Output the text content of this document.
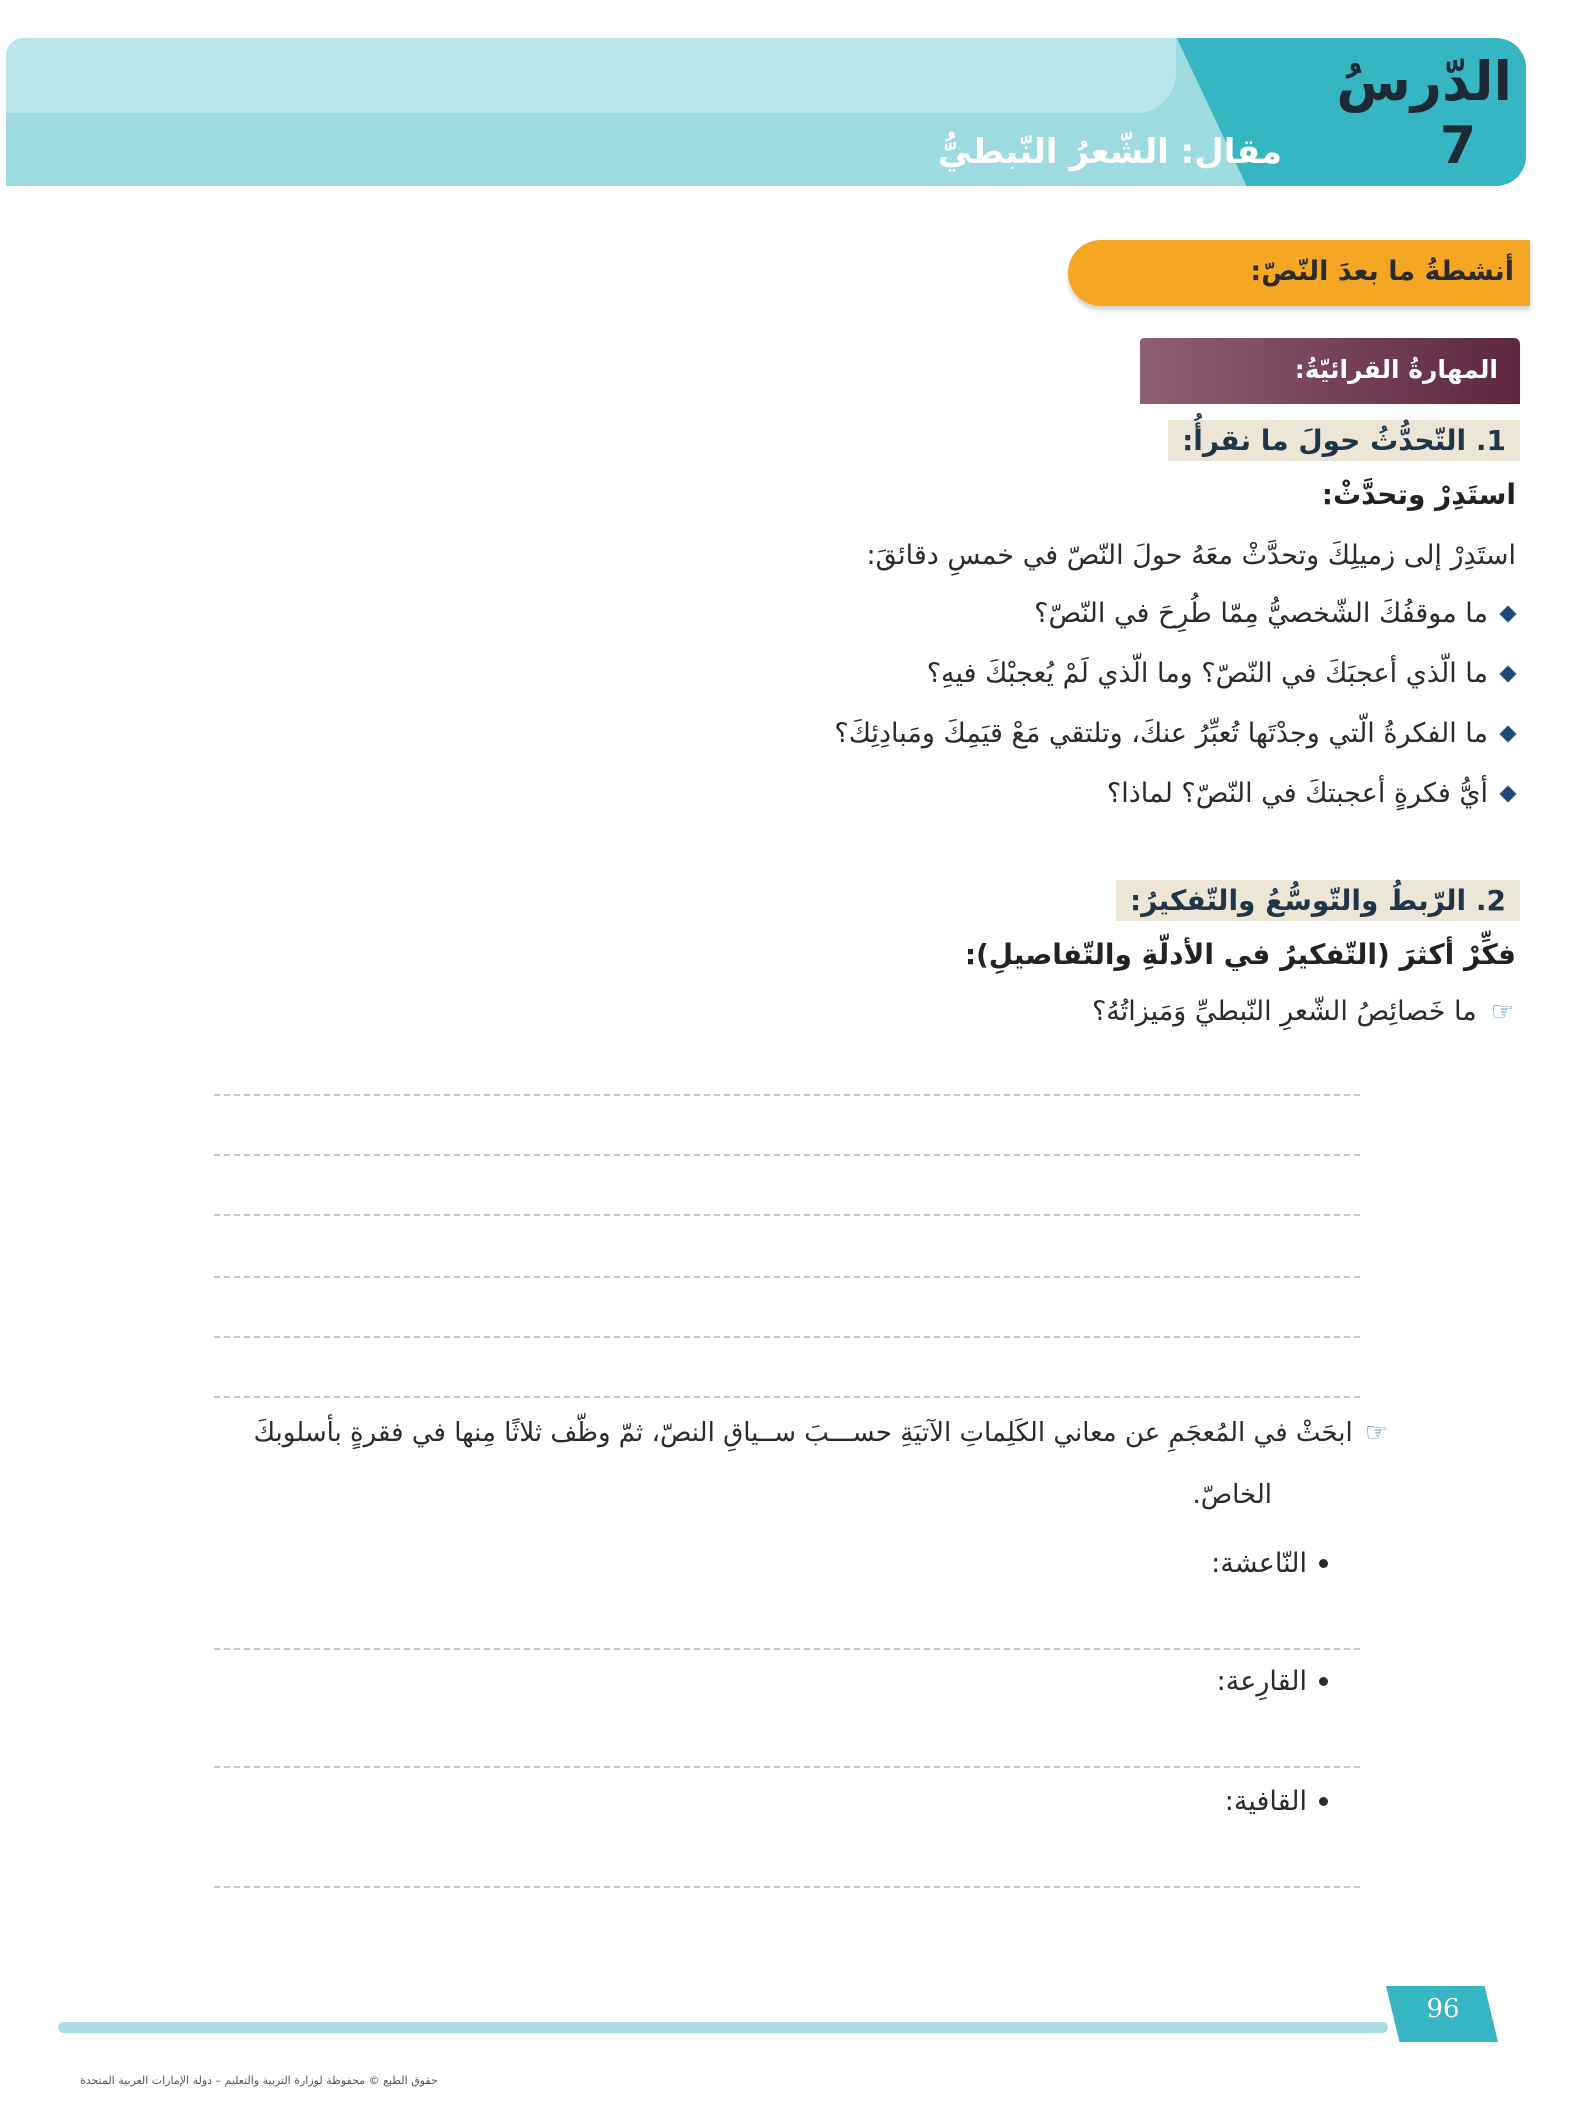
الدّرسُ
7
مقال: الشّعرُ النّبطيُّ
أنشطةُ ما بعدَ النّصّ:
المهارةُ القرائيّةُ:
1. التّحدُّثُ حولَ ما نقرأُ:
استَدِرْ وتحدَّثْ:
استَدِرْ إلى زميلِكَ وتحدَّثْ معَهُ حولَ النّصّ في خمسِ دقائقَ:
ما موقفُكَ الشّخصيُّ مِمّا طُرِحَ في النّصّ؟
ما الّذي أعجبَكَ في النّصّ؟ وما الّذي لَمْ يُعجبْكَ فيهِ؟
ما الفكرةُ الّتي وجدْتَها تُعبِّرُ عنكَ، وتلتقي مَعْ قيَمِكَ ومَبادِئِكَ؟
أيُّ فكرةٍ أعجبتكَ في النّصّ؟ لماذا؟
2. الرّبطُ والتّوسُّعُ والتّفكيرُ:
فكِّرْ أكثرَ (التّفكيرُ في الأدلّةِ والتّفاصيلِ):
☞
ما خَصائِصُ الشّعرِ النّبطيِّ وَمَيزاتُهُ؟
☞
ابحَثْ في المُعجَمِ عن معاني الكَلِماتِ الآتيَةِ حســـبَ ســياقِ النصّ، ثمّ وظّف ثلاثًا مِنها في فقرةٍ بأسلوبكَ
الخاصّ.
النّاعشة:
القارِعة:
القافية:
96
حقوق الطبع © محفوظة لوزارة التربية والتعليم – دولة الإمارات العربية المتحدة
